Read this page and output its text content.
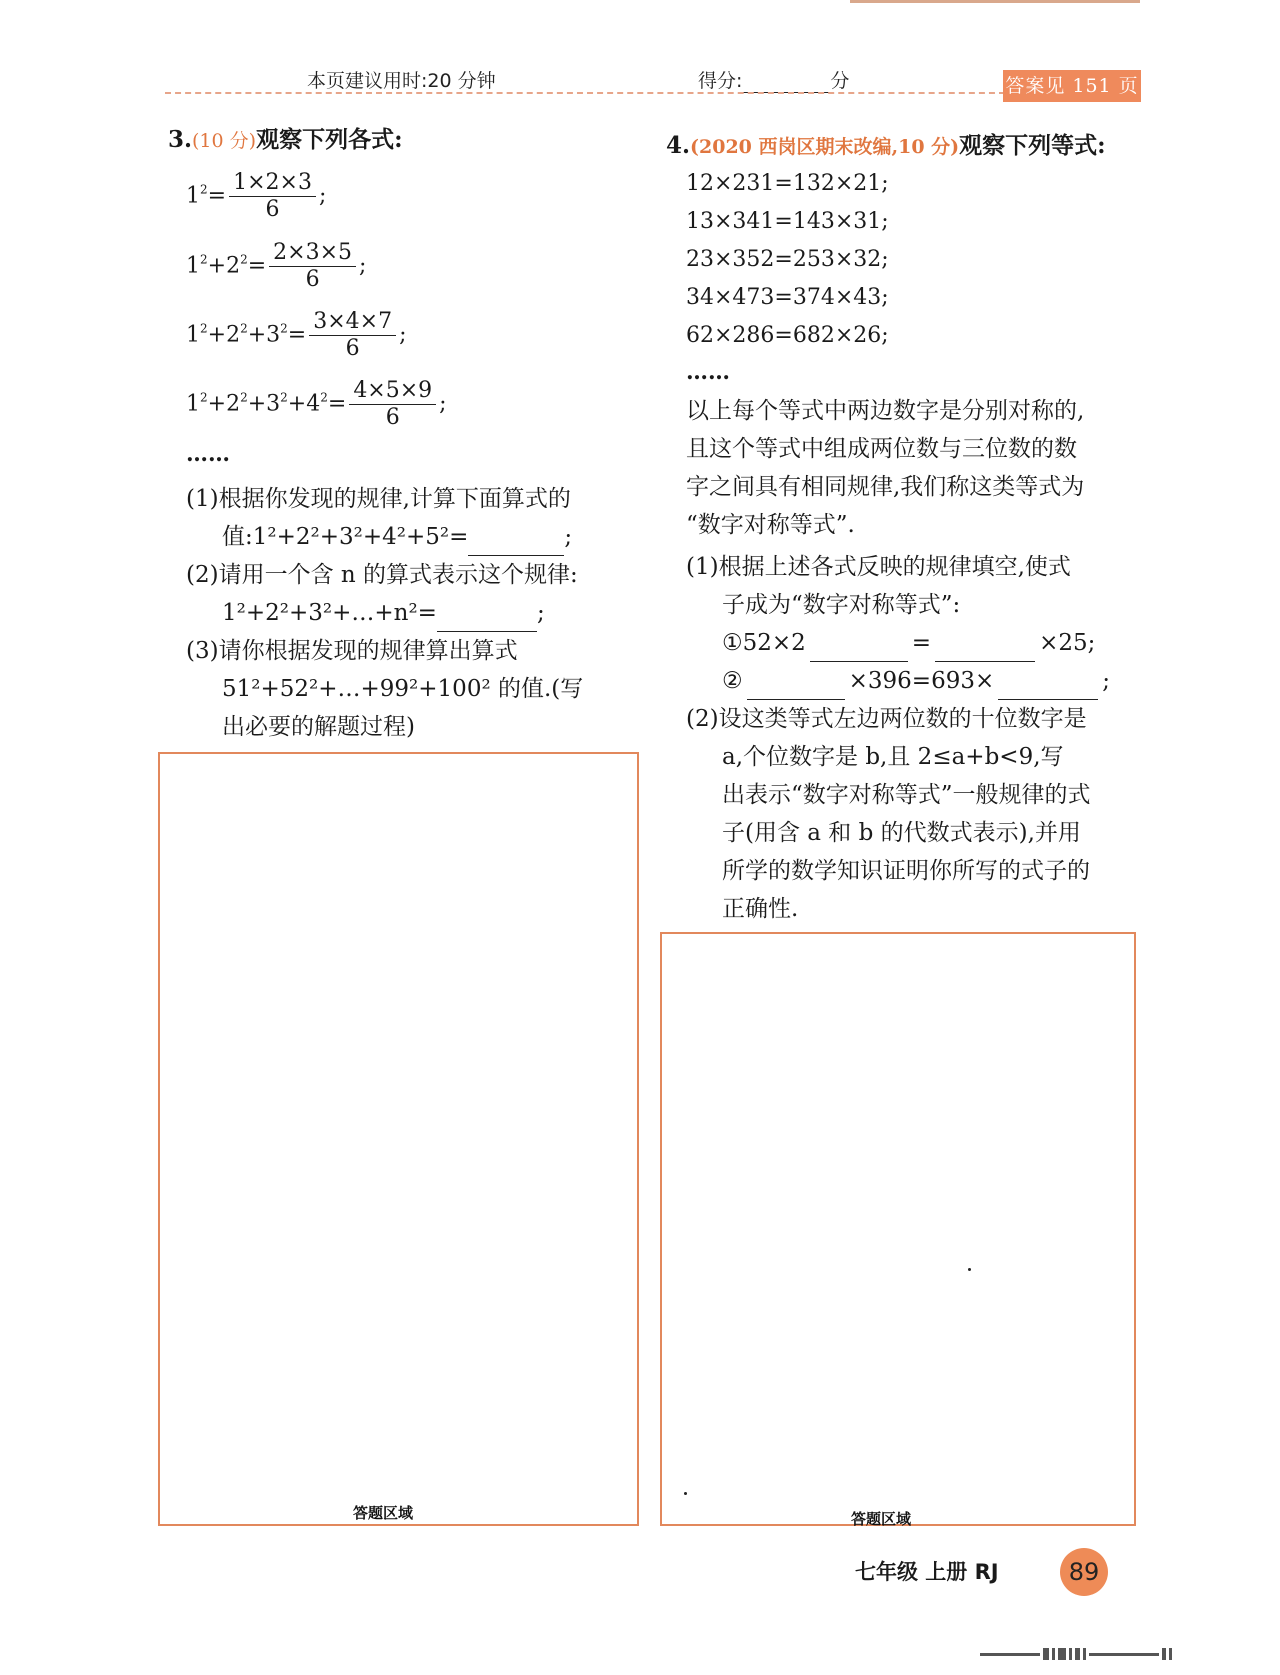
本页建议用时:20 分钟	得分:	分	答案见 151 页
3.(10 分)观察下列各式:
$1^2= \frac{1\times 2\times 3}{6}$ ;
$1^2+2^2= \frac{2\times 3\times 5}{6}$ ;
$1^2+2^2+3^2= \frac{3\times 4\times 7}{6}$ ;
$1^2+2^2+3^2+4^2= \frac{4\times 5\times 9}{6}$ ;
……
(1)根据你发现的规律,计算下面算式的
值:1²+2²+3²+4²+5²=	;
(2)请用一个含 n 的算式表示这个规律:
1²+2²+3²+…+n²=	;
(3)请你根据发现的规律算出算式
51²+52²+…+99²+100² 的值.(写
出必要的解题过程)
答题区域
4.(2020 西岗区期末改编,10 分)观察下列等式:
12×231=132×21;
13×341=143×31;
23×352=253×32;
34×473=374×43;
62×286=682×26;
……
以上每个等式中两边数字是分别对称的,
且这个等式中组成两位数与三位数的数
字之间具有相同规律,我们称这类等式为
“数字对称等式”.
(1)根据上述各式反映的规律填空,使式
子成为“数字对称等式”:
①52×2	=	×25;
②	×396=693×	;
(2)设这类等式左边两位数的十位数字是
a,个位数字是 b,且 2≤a+b<9,写
出表示“数字对称等式”一般规律的式
子(用含 a 和 b 的代数式表示),并用
所学的数学知识证明你所写的式子的
正确性.
答题区域
七年级 上册 RJ	89
